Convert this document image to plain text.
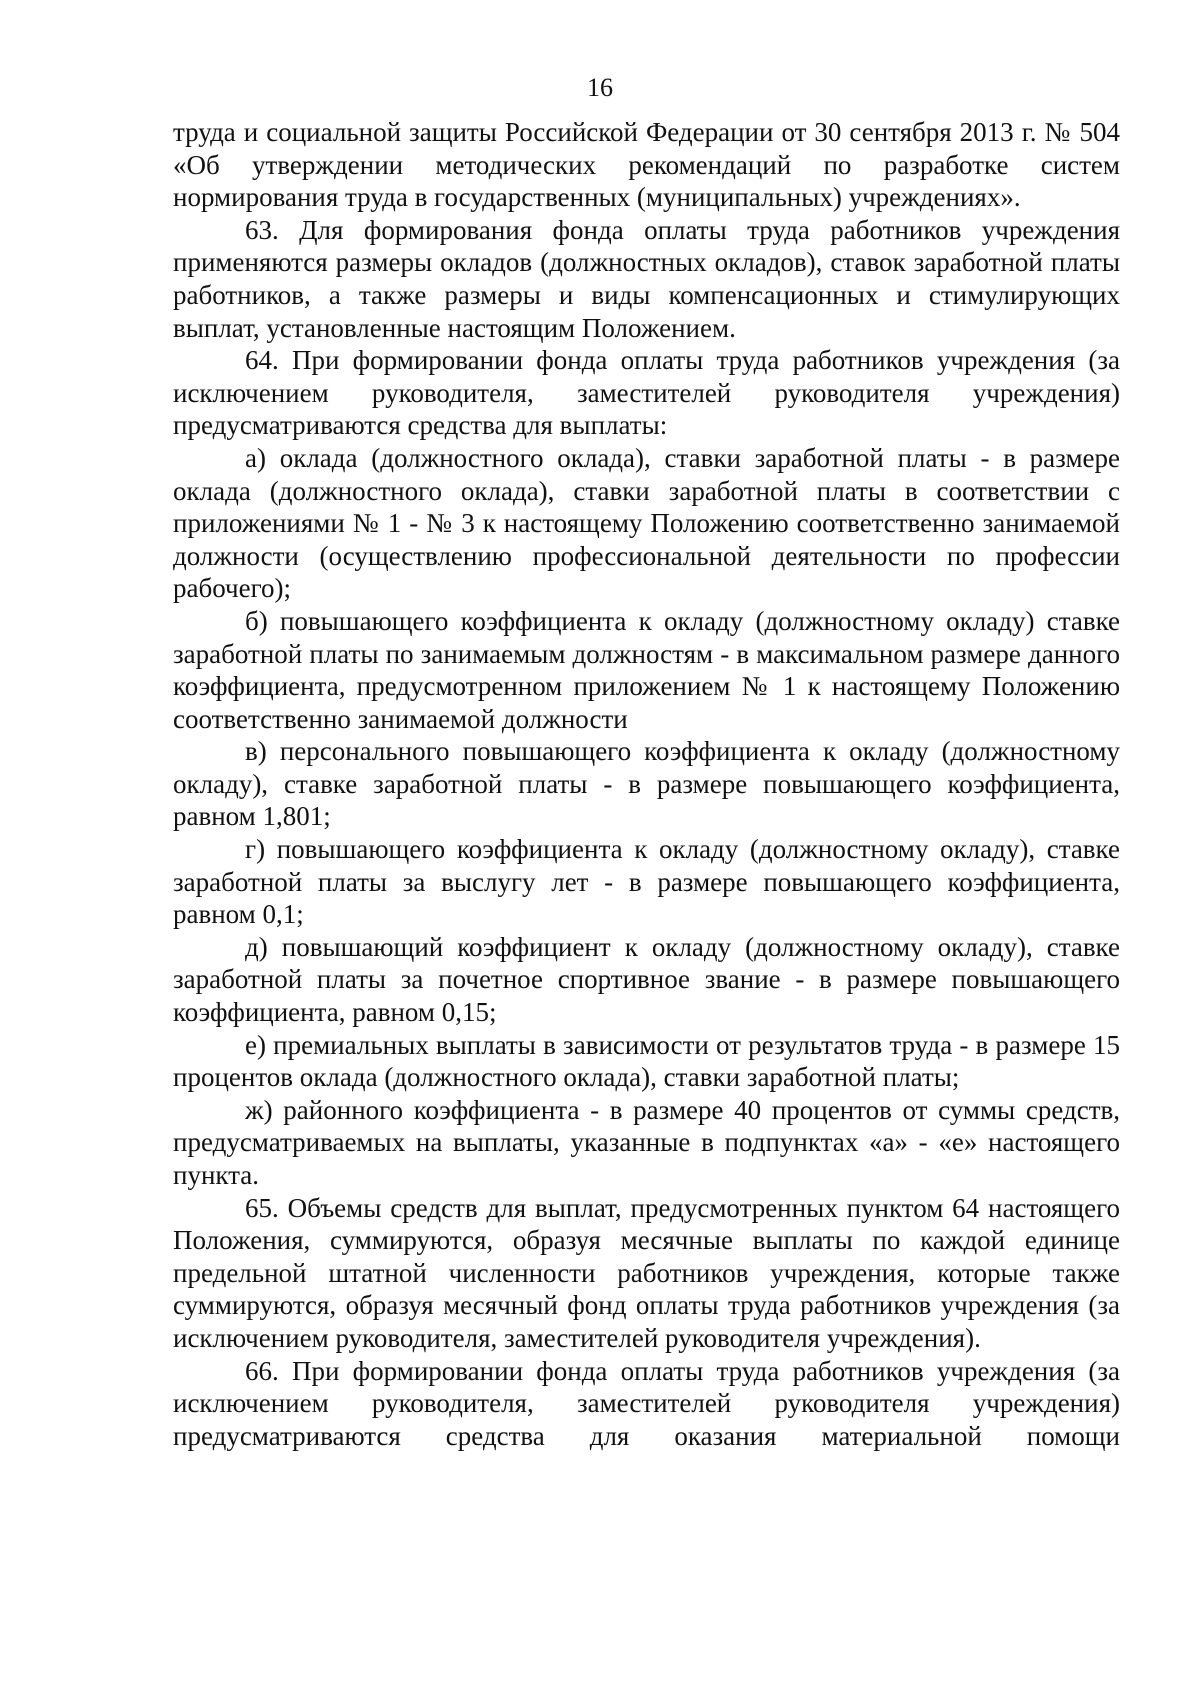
16

труда и социальной защиты Российской Федерации от 30 сентября 2013 г. № 504 «Об утверждении методических рекомендаций по разработке систем нормирования труда в государственных (муниципальных) учреждениях».

63. Для формирования фонда оплаты труда работников учреждения применяются размеры окладов (должностных окладов), ставок заработной платы работников, а также размеры и виды компенсационных и стимулирующих выплат, установленные настоящим Положением.

64. При формировании фонда оплаты труда работников учреждения (за исключением руководителя, заместителей руководителя учреждения) предусматриваются средства для выплаты:

а) оклада (должностного оклада), ставки заработной платы - в размере оклада (должностного оклада), ставки заработной платы в соответствии с приложениями № 1 - № 3 к настоящему Положению соответственно занимаемой должности (осуществлению профессиональной деятельности по профессии рабочего);

б) повышающего коэффициента к окладу (должностному окладу) ставке заработной платы по занимаемым должностям - в максимальном размере данного коэффициента, предусмотренном приложением № 1 к настоящему Положению соответственно занимаемой должности

в) персонального повышающего коэффициента к окладу (должностному окладу), ставке заработной платы - в размере повышающего коэффициента, равном 1,801;

г) повышающего коэффициента к окладу (должностному окладу), ставке заработной платы за выслугу лет - в размере повышающего коэффициента, равном 0,1;

д) повышающий коэффициент к окладу (должностному окладу), ставке заработной платы за почетное спортивное звание - в размере повышающего коэффициента, равном 0,15;

е) премиальных выплаты в зависимости от результатов труда - в размере 15 процентов оклада (должностного оклада), ставки заработной платы;

ж) районного коэффициента - в размере 40 процентов от суммы средств, предусматриваемых на выплаты, указанные в подпунктах «а» - «е» настоящего пункта.

65. Объемы средств для выплат, предусмотренных пунктом 64 настоящего Положения, суммируются, образуя месячные выплаты по каждой единице предельной штатной численности работников учреждения, которые также суммируются, образуя месячный фонд оплаты труда работников учреждения (за исключением руководителя, заместителей руководителя учреждения).

66. При формировании фонда оплаты труда работников учреждения (за исключением руководителя, заместителей руководителя учреждения) предусматриваются средства для оказания материальной помощи
